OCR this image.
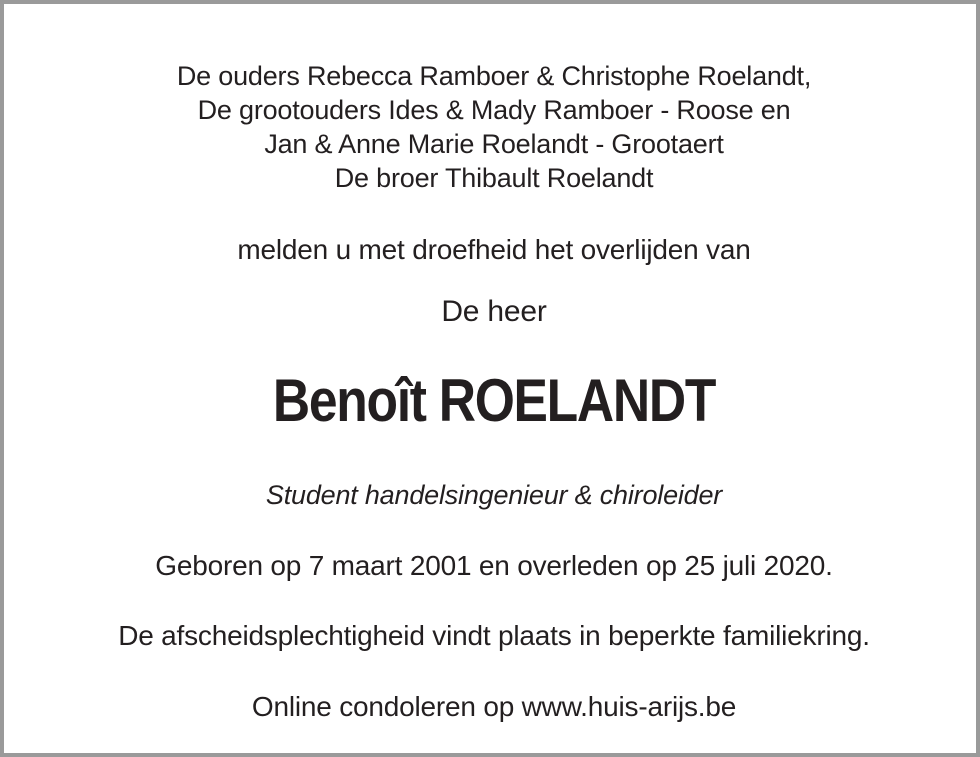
De ouders Rebecca Ramboer & Christophe Roelandt,
De grootouders Ides & Mady Ramboer - Roose en
Jan & Anne Marie Roelandt - Grootaert
De broer Thibault Roelandt
melden u met droefheid het overlijden van
De heer
Benoît ROELANDT
Student handelsingenieur & chiroleider
Geboren op 7 maart 2001 en overleden op 25 juli 2020.
De afscheidsplechtigheid vindt plaats in beperkte familiekring.
Online condoleren op www.huis-arijs.be
